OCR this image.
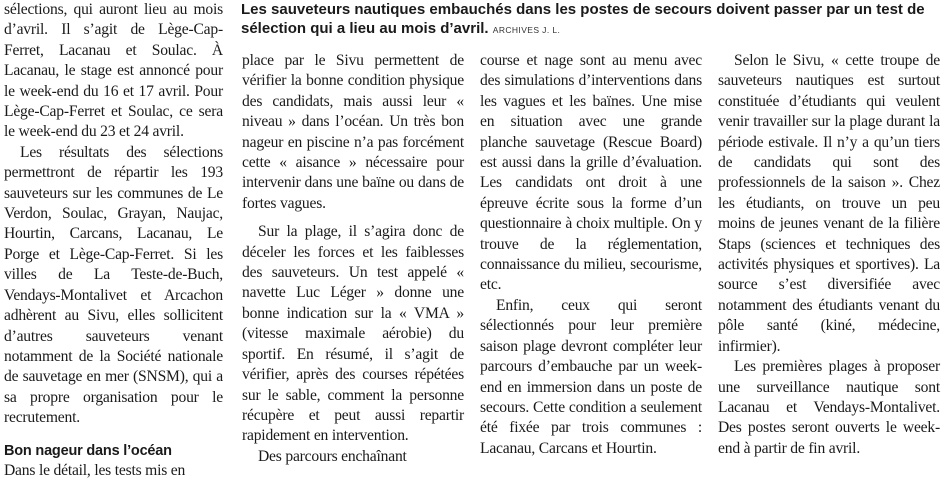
Les sauveteurs nautiques embauchés dans les postes de secours doivent passer par un test de sélection qui a lieu au mois d’avril. ARCHIVES J. L.

sélections, qui auront lieu au mois d’avril. Il s’agit de Lège-Cap-Ferret, Lacanau et Soulac. À Lacanau, le stage est annoncé pour le week-end du 16 et 17 avril. Pour Lège-Cap-Ferret et Soulac, ce sera le week-end du 23 et 24 avril.

Les résultats des sélections permettront de répartir les 193 sauveteurs sur les communes de Le Verdon, Soulac, Grayan, Naujac, Hourtin, Carcans, Lacanau, Le Porge et Lège-Cap-Ferret. Si les villes de La Teste-de-Buch, Vendays-Montalivet et Arcachon adhèrent au Sivu, elles sollicitent d’autres sauveteurs venant notamment de la Société nationale de sauvetage en mer (SNSM), qui a sa propre organisation pour le recrutement.

Bon nageur dans l’océan

Dans le détail, les tests mis en

place par le Sivu permettent de vérifier la bonne condition physique des candidats, mais aussi leur « niveau » dans l’océan. Un très bon nageur en piscine n’a pas forcément cette « aisance » nécessaire pour intervenir dans une baïne ou dans de fortes vagues.

Sur la plage, il s’agira donc de déceler les forces et les faiblesses des sauveteurs. Un test appelé « navette Luc Léger » donne une bonne indication sur la « VMA » (vitesse maximale aérobie) du sportif. En résumé, il s’agit de vérifier, après des courses répétées sur le sable, comment la personne récupère et peut aussi repartir rapidement en intervention.

Des parcours enchaînant

course et nage sont au menu avec des simulations d’interventions dans les vagues et les baïnes. Une mise en situation avec une grande planche sauvetage (Rescue Board) est aussi dans la grille d’évaluation. Les candidats ont droit à une épreuve écrite sous la forme d’un questionnaire à choix multiple. On y trouve de la réglementation, connaissance du milieu, secourisme, etc.

Enfin, ceux qui seront sélectionnés pour leur première saison plage devront compléter leur parcours d’embauche par un week-end en immersion dans un poste de secours. Cette condition a seulement été fixée par trois communes : Lacanau, Carcans et Hourtin.

Selon le Sivu, « cette troupe de sauveteurs nautiques est surtout constituée d’étudiants qui veulent venir travailler sur la plage durant la période estivale. Il n’y a qu’un tiers de candidats qui sont des professionnels de la saison ». Chez les étudiants, on trouve un peu moins de jeunes venant de la filière Staps (sciences et techniques des activités physiques et sportives). La source s’est diversifiée avec notamment des étudiants venant du pôle santé (kiné, médecine, infirmier).

Les premières plages à proposer une surveillance nautique sont Lacanau et Vendays-Montalivet. Des postes seront ouverts le week-end à partir de fin avril.
